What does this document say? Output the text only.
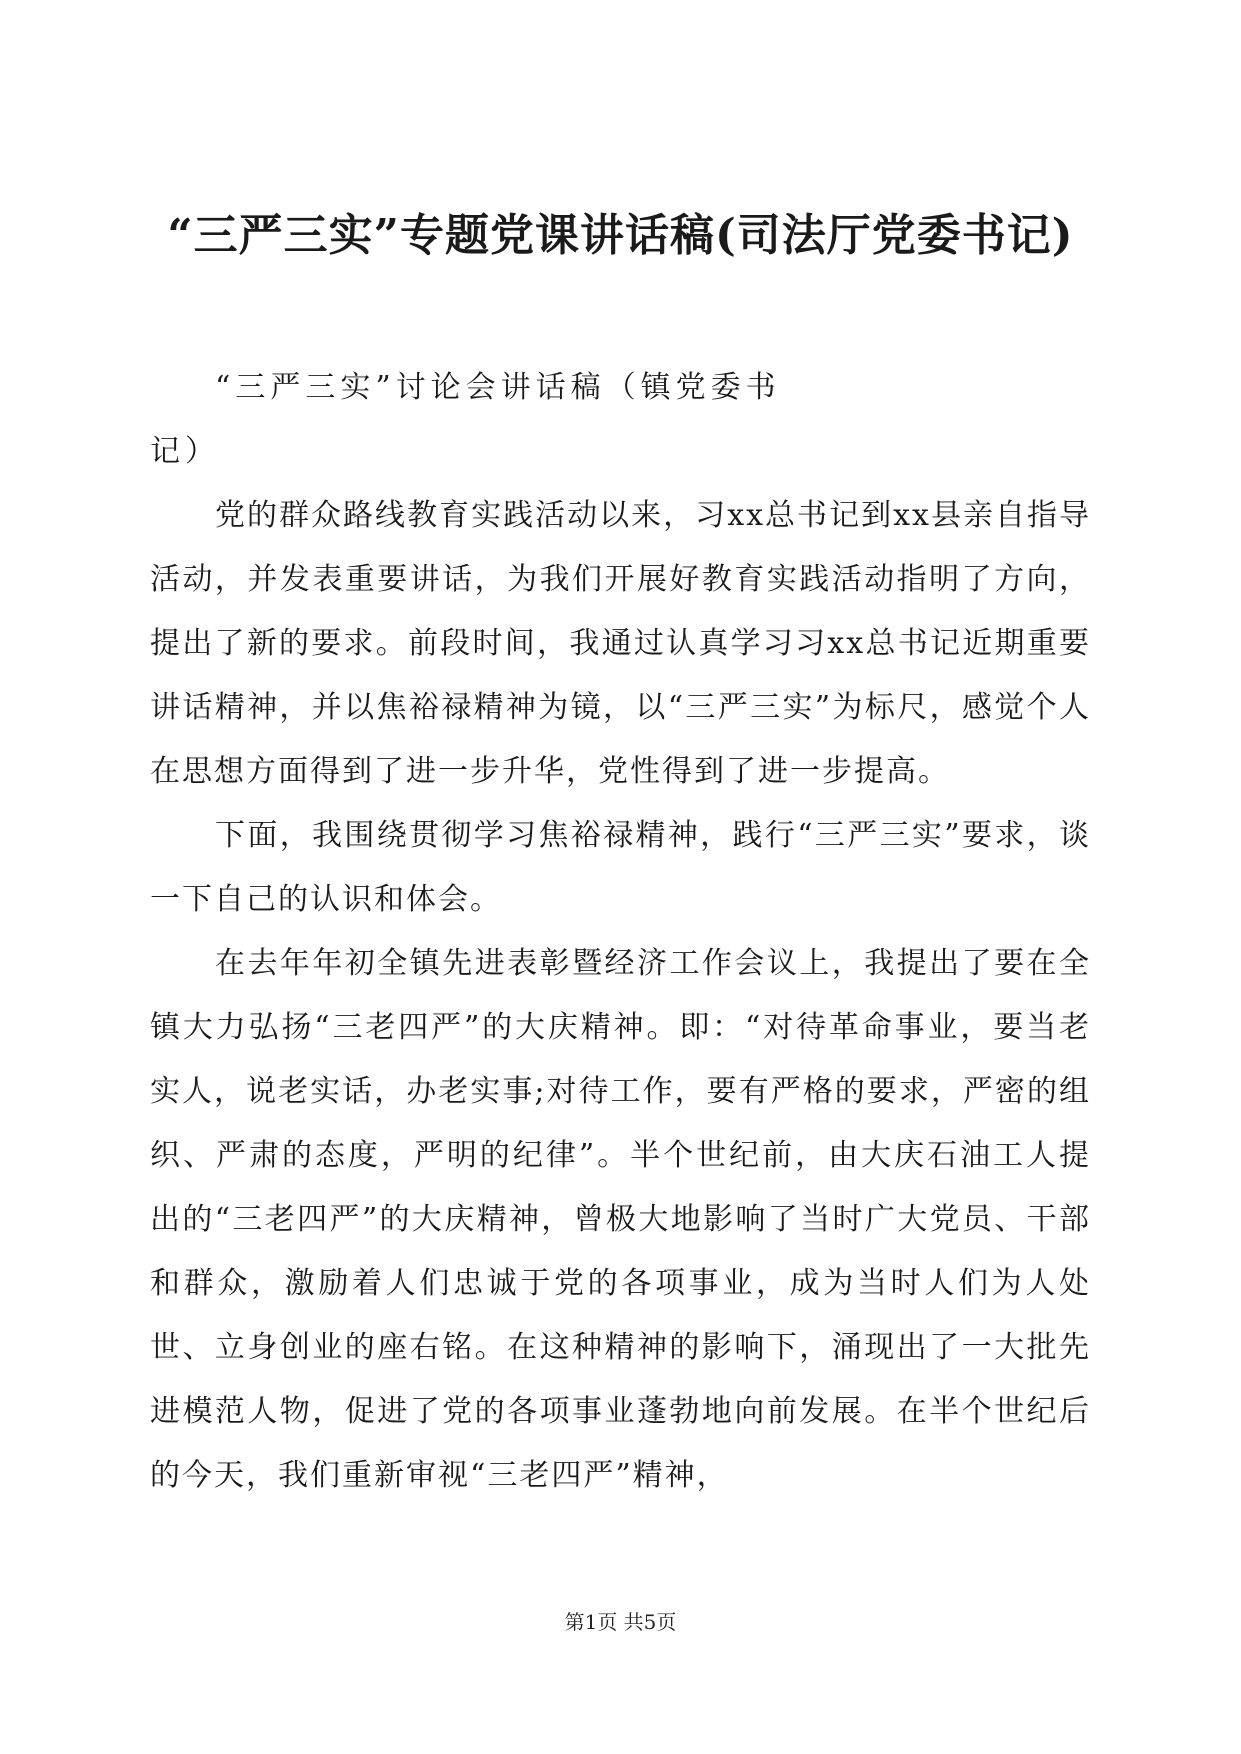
“三严三实”专题党课讲话稿(司法厅党委书记)
“三严三实”讨论会讲话稿（镇党委书记）

党的群众路线教育实践活动以来，习xx总书记到xx县亲自指导活动，并发表重要讲话，为我们开展好教育实践活动指明了方向，提出了新的要求。前段时间，我通过认真学习习xx总书记近期重要讲话精神，并以焦裕禄精神为镜，以“三严三实”为标尺，感觉个人在思想方面得到了进一步升华，党性得到了进一步提高。

下面，我围绕贯彻学习焦裕禄精神，践行“三严三实”要求，谈一下自己的认识和体会。

在去年年初全镇先进表彰暨经济工作会议上，我提出了要在全镇大力弘扬“三老四严”的大庆精神。即：“对待革命事业，要当老实人，说老实话，办老实事;对待工作，要有严格的要求，严密的组织、严肃的态度，严明的纪律”。半个世纪前，由大庆石油工人提出的“三老四严”的大庆精神，曾极大地影响了当时广大党员、干部和群众，激励着人们忠诚于党的各项事业，成为当时人们为人处世、立身创业的座右铭。在这种精神的影响下，涌现出了一大批先进模范人物，促进了党的各项事业蓬勃地向前发展。在半个世纪后的今天，我们重新审视“三老四严”精神，

第1页 共5页
